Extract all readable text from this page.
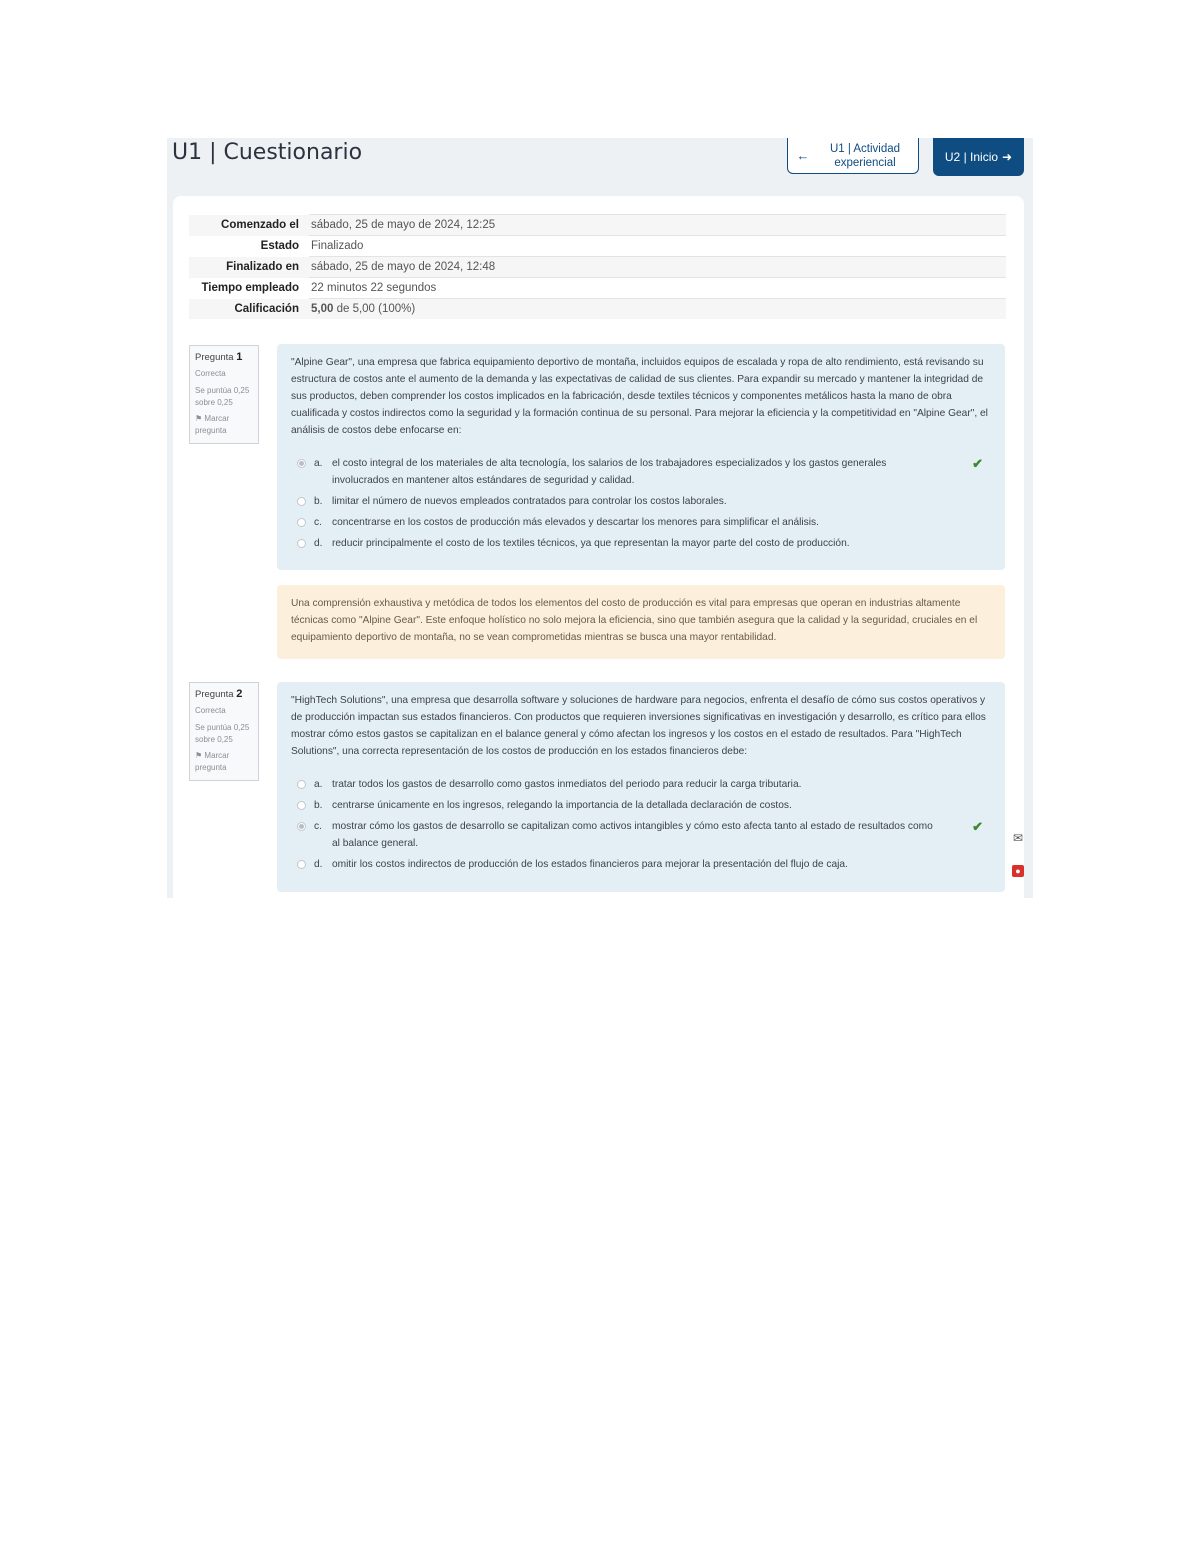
U1 | Cuestionario	←	U1 | Actividad
experiencial	U2 | Inicio ➜
Comenzado el	sábado, 25 de mayo de 2024, 12:25
Estado	Finalizado
Finalizado en	sábado, 25 de mayo de 2024, 12:48
Tiempo empleado	22 minutos 22 segundos
Calificación	5,00 de 5,00 (100%)
Pregunta 1
Correcta
Se puntúa 0,25 sobre 0,25
⚑ Marcar pregunta

"Alpine Gear", una empresa que fabrica equipamiento deportivo de montaña, incluidos equipos de escalada y ropa de alto rendimiento, está revisando su estructura de costos ante el aumento de la demanda y las expectativas de calidad de sus clientes. Para expandir su mercado y mantener la integridad de sus productos, deben comprender los costos implicados en la fabricación, desde textiles técnicos y componentes metálicos hasta la mano de obra cualificada y costos indirectos como la seguridad y la formación continua de su personal. Para mejorar la eficiencia y la competitividad en "Alpine Gear", el análisis de costos debe enfocarse en:

a. el costo integral de los materiales de alta tecnología, los salarios de los trabajadores especializados y los gastos generales involucrados en mantener altos estándares de seguridad y calidad.
✔
b. limitar el número de nuevos empleados contratados para controlar los costos laborales.
c. concentrarse en los costos de producción más elevados y descartar los menores para simplificar el análisis.
d. reducir principalmente el costo de los textiles técnicos, ya que representan la mayor parte del costo de producción.
Una comprensión exhaustiva y metódica de todos los elementos del costo de producción es vital para empresas que operan en industrias altamente técnicas como "Alpine Gear". Este enfoque holístico no solo mejora la eficiencia, sino que también asegura que la calidad y la seguridad, cruciales en el equipamiento deportivo de montaña, no se vean comprometidas mientras se busca una mayor rentabilidad.
Pregunta 2
Correcta
Se puntúa 0,25 sobre 0,25
⚑ Marcar pregunta

"HighTech Solutions", una empresa que desarrolla software y soluciones de hardware para negocios, enfrenta el desafío de cómo sus costos operativos y de producción impactan sus estados financieros. Con productos que requieren inversiones significativas en investigación y desarrollo, es crítico para ellos mostrar cómo estos gastos se capitalizan en el balance general y cómo afectan los ingresos y los costos en el estado de resultados. Para "HighTech Solutions", una correcta representación de los costos de producción en los estados financieros debe:

a. tratar todos los gastos de desarrollo como gastos inmediatos del periodo para reducir la carga tributaria.
b. centrarse únicamente en los ingresos, relegando la importancia de la detallada declaración de costos.
c. mostrar cómo los gastos de desarrollo se capitalizan como activos intangibles y cómo esto afecta tanto al estado de resultados como al balance general.
✔
d. omitir los costos indirectos de producción de los estados financieros para mejorar la presentación del flujo de caja.
✉
●
